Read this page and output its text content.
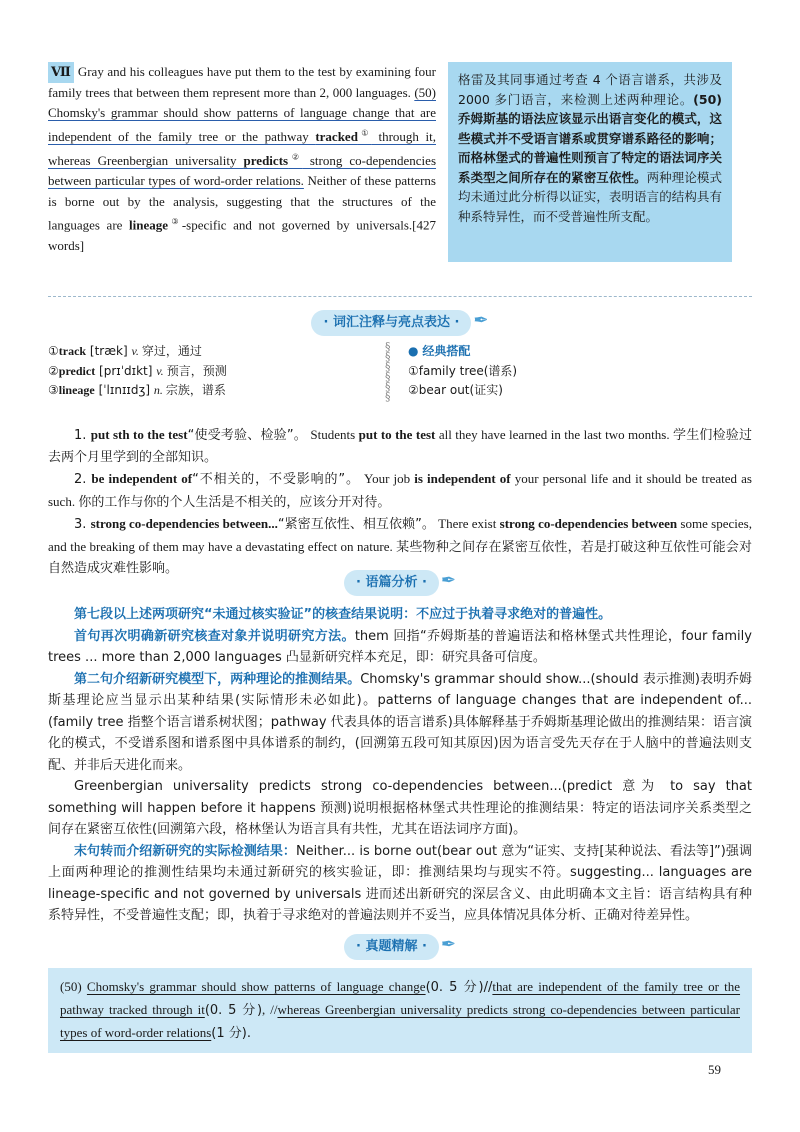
Ⅶ Gray and his colleagues have put them to the test by examining four family trees that between them represent more than 2, 000 languages. (50) Chomsky's grammar should show patterns of language change that are independent of the family tree or the pathway tracked① through it, whereas Greenbergian universality predicts② strong co-dependencies between particular types of word-order relations. Neither of these patterns is borne out by the analysis, suggesting that the structures of the languages are lineage③-specific and not governed by universals.[427 words]
格雷及其同事通过考查 4 个语言谱系，共涉及 2000 多门语言，来检测上述两种理论。(50)乔姆斯基的语法应该显示出语言变化的模式，这些模式并不受语言谱系或贯穿谱系路径的影响；而格林堡式的普遍性则预言了特定的语法词序关系类型之间所存在的紧密互依性。两种理论模式均未通过此分析得以证实，表明语言的结构具有种系特异性，而不受普遍性所支配。
· 词汇注释与亮点表达 · ✒
①track [træk] v. 穿过，通过
②predict [prɪˈdɪkt] v. 预言，预测
③lineage [ˈlɪnɪɪdʒ] n. 宗族，谱系
§
§
§
§
§
§
● 经典搭配
①family tree(谱系)
②bear out(证实)

1. put sth to the test“使受考验、检验”。 Students put to the test all they have learned in the last two months. 学生们检验过去两个月里学到的全部知识。

2. be independent of“不相关的，不受影响的”。 Your job is independent of your personal life and it should be treated as such. 你的工作与你的个人生活是不相关的，应该分开对待。

3. strong co-dependencies between...“紧密互依性、相互依赖”。 There exist strong co-dependencies between some species, and the breaking of them may have a devastating effect on nature. 某些物种之间存在紧密互依性，若是打破这种互依性可能会对自然造成灾难性影响。

· 语篇分析 · ✒

第七段以上述两项研究“未通过核实验证”的核查结果说明：不应过于执着寻求绝对的普遍性。

首句再次明确新研究核查对象并说明研究方法。them 回指“乔姆斯基的普遍语法和格林堡式共性理论，four family trees ... more than 2,000 languages 凸显新研究样本充足，即：研究具备可信度。

第二句介绍新研究模型下，两种理论的推测结果。Chomsky's grammar should show...(should 表示推测)表明乔姆斯基理论应当显示出某种结果(实际情形未必如此)。patterns of language changes that are independent of...(family tree 指整个语言谱系树状图；pathway 代表具体的语言谱系)具体解释基于乔姆斯基理论做出的推测结果：语言演化的模式，不受谱系图和谱系图中具体谱系的制约，(回溯第五段可知其原因)因为语言受先天存在于人脑中的普遍法则支配、并非后天进化而来。

Greenbergian universality predicts strong co-dependencies between...(predict 意为 to say that something will happen before it happens 预测)说明根据格林堡式共性理论的推测结果：特定的语法词序关系类型之间存在紧密互依性(回溯第六段，格林堡认为语言具有共性，尤其在语法词序方面)。

末句转而介绍新研究的实际检测结果：Neither... is borne out(bear out 意为“证实、支持[某种说法、看法等]”)强调上面两种理论的推测性结果均未通过新研究的核实验证，即：推测结果均与现实不符。suggesting... languages are lineage-specific and not governed by universals 进而述出新研究的深层含义、由此明确本文主旨：语言结构具有种系特异性，不受普遍性支配；即，执着于寻求绝对的普遍法则并不妥当，应具体情况具体分析、正确对待差异性。

· 真题精解 · ✒
(50) Chomsky's grammar should show patterns of language change(0. 5 分)//that are independent of the family tree or the pathway tracked through it(0. 5 分), //whereas Greenbergian universality predicts strong co-dependencies between particular types of word-order relations(1 分).
59
